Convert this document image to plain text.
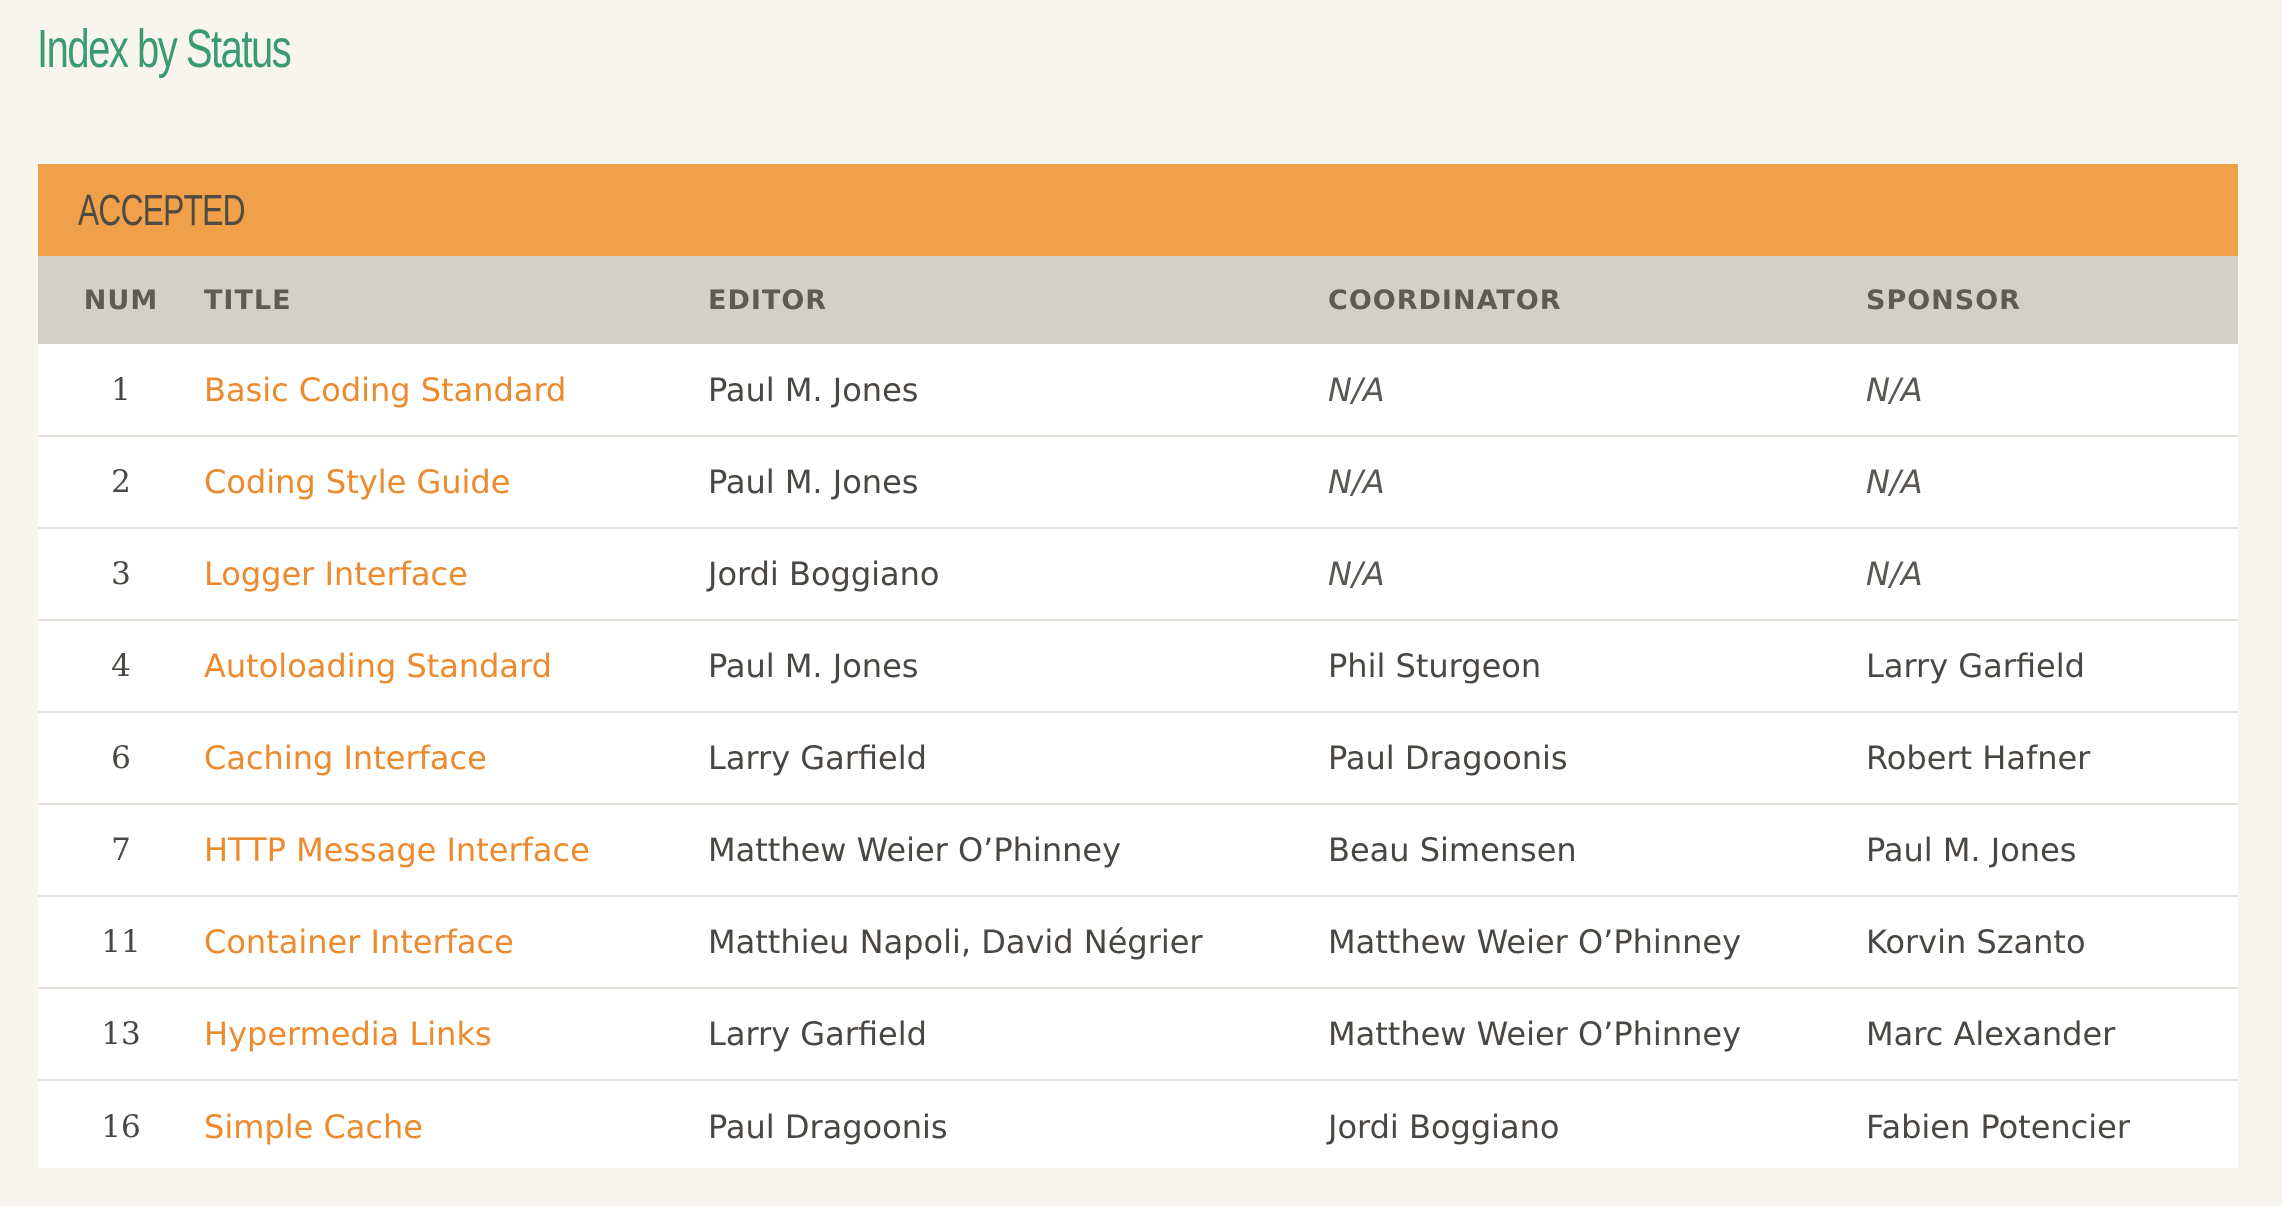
Index by Status
ACCEPTED
NUM	TITLE	EDITOR	COORDINATOR	SPONSOR
1	Basic Coding Standard	Paul M. Jones	N/A	N/A
2	Coding Style Guide	Paul M. Jones	N/A	N/A
3	Logger Interface	Jordi Boggiano	N/A	N/A
4	Autoloading Standard	Paul M. Jones	Phil Sturgeon	Larry Garfield
6	Caching Interface	Larry Garfield	Paul Dragoonis	Robert Hafner
7	HTTP Message Interface	Matthew Weier O’Phinney	Beau Simensen	Paul M. Jones
11	Container Interface	Matthieu Napoli, David Négrier	Matthew Weier O’Phinney	Korvin Szanto
13	Hypermedia Links	Larry Garfield	Matthew Weier O’Phinney	Marc Alexander
16	Simple Cache	Paul Dragoonis	Jordi Boggiano	Fabien Potencier
